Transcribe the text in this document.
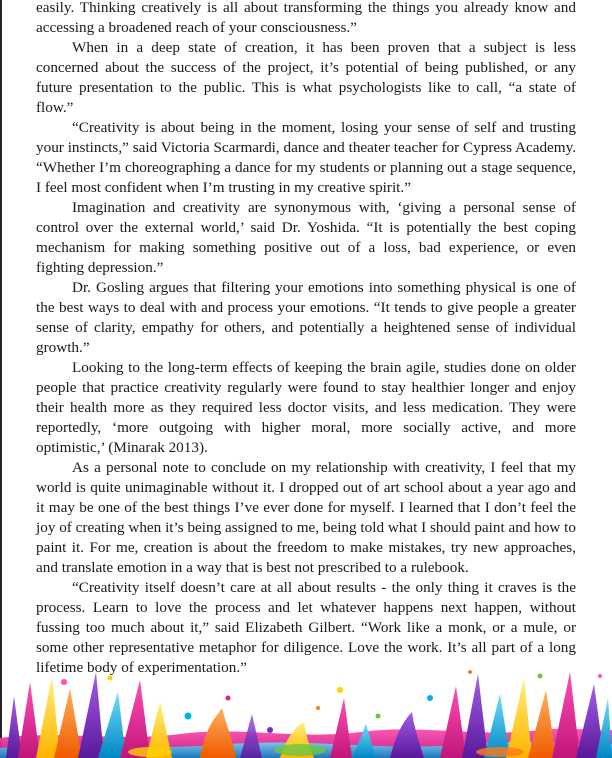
easily. Thinking creatively is all about transforming the things you already know and accessing a broadened reach of your consciousness.”

When in a deep state of creation, it has been proven that a subject is less concerned about the success of the project, it’s potential of being published, or any future presentation to the public. This is what psychologists like to call, “a state of flow.”

“Creativity is about being in the moment, losing your sense of self and trusting your instincts,” said Victoria Scarmardi, dance and theater teacher for Cypress Academy. “Whether I’m choreographing a dance for my students or planning out a stage sequence, I feel most confident when I’m trusting in my creative spirit.”

Imagination and creativity are synonymous with, ‘giving a personal sense of control over the external world,’ said Dr. Yoshida. “It is potentially the best coping mechanism for making something positive out of a loss, bad experience, or even fighting depression.”

Dr. Gosling argues that filtering your emotions into something physical is one of the best ways to deal with and process your emotions. “It tends to give people a greater sense of clarity, empathy for others, and potentially a heightened sense of individual growth.”

Looking to the long-term effects of keeping the brain agile, studies done on older people that practice creativity regularly were found to stay healthier longer and enjoy their health more as they required less doctor visits, and less medication. They were reportedly, ‘more outgoing with higher moral, more socially active, and more optimistic,’ (Minarak 2013).

As a personal note to conclude on my relationship with creativity, I feel that my world is quite unimaginable without it. I dropped out of art school about a year ago and it may be one of the best things I’ve ever done for myself. I learned that I don’t feel the joy of creating when it’s being assigned to me, being told what I should paint and how to paint it. For me, creation is about the freedom to make mistakes, try new approaches, and translate emotion in a way that is best not prescribed to a rulebook.

“Creativity itself doesn’t care at all about results - the only thing it craves is the process. Learn to love the process and let whatever happens next happen, without fussing too much about it,” said Elizabeth Gilbert. “Work like a monk, or a mule, or some other representative metaphor for diligence. Love the work. It’s all part of a long lifetime body of experimentation.”
